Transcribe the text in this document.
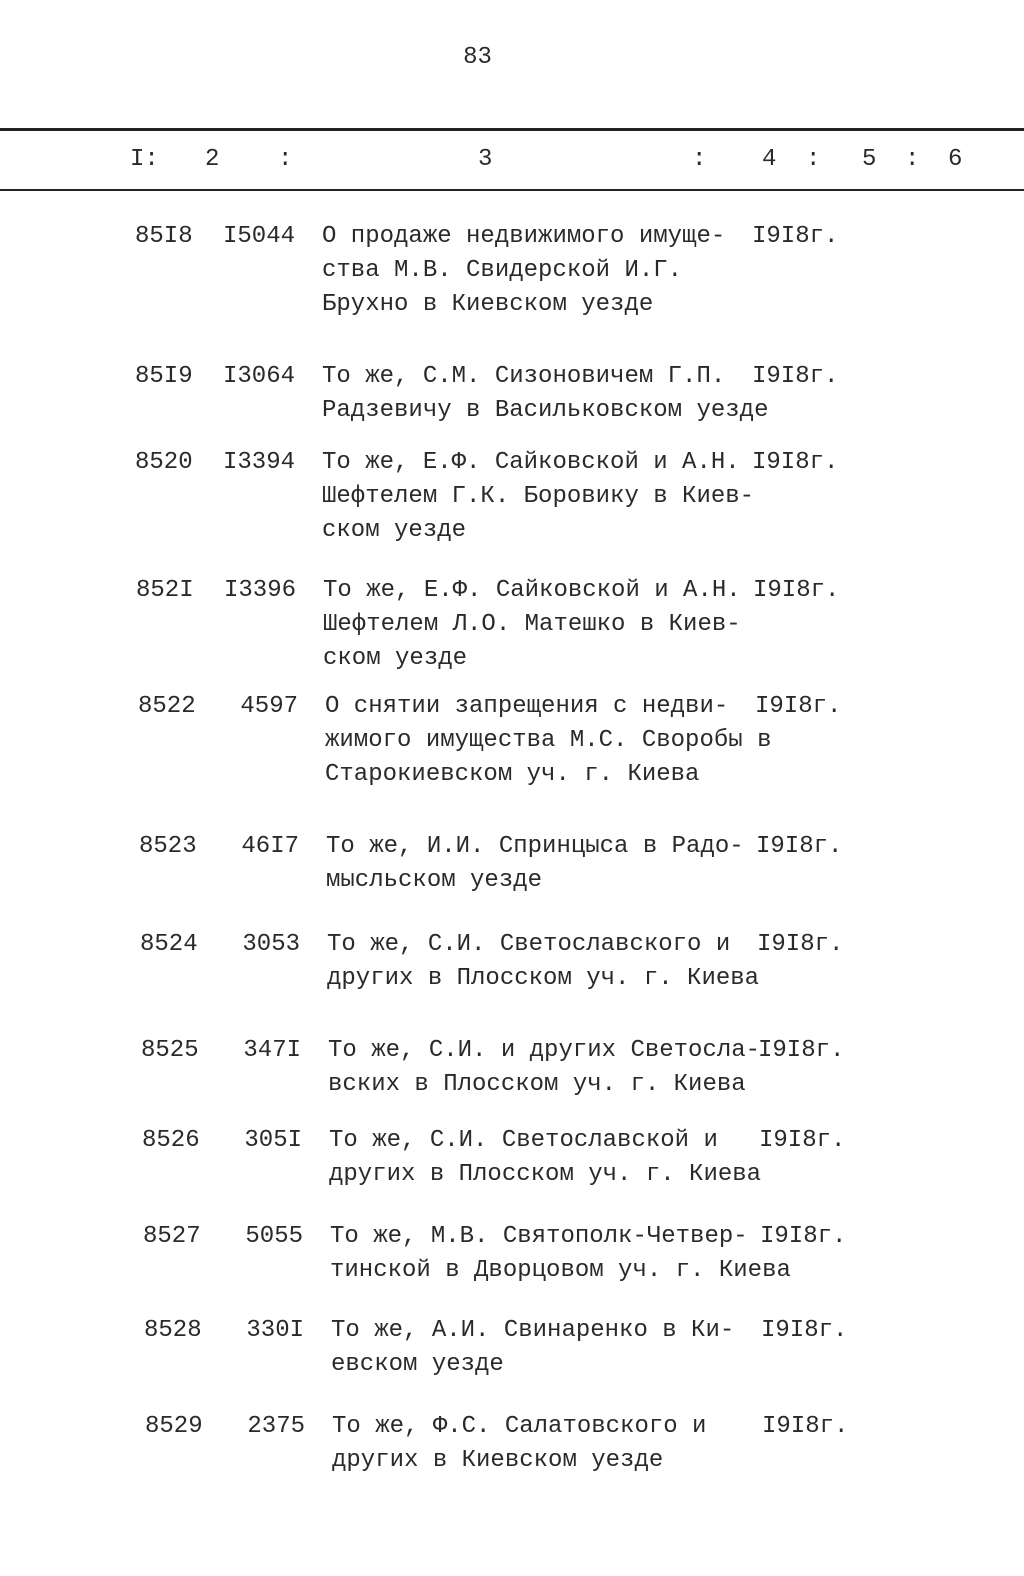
83
I: 2 :	3	: 4 : 5 : 6
85I8	I5044 О продаже недвижимого имуще-
ства М.В. Свидерской И.Г.
Брухно в Киевском уезде
I9I8г.
85I9	I3064 То же, С.М. Сизоновичем Г.П.
Радзевичу в Васильковском уезде
I9I8г.
8520	I3394 То же, Е.Ф. Сайковской и А.Н.
Шефтелем Г.К. Боровику в Киев-
ском уезде
I9I8г.
852I	I3396 То же, Е.Ф. Сайковской и А.Н.
Шефтелем Л.О. Матешко в Киев-
ском уезде
I9I8г.
8522	4597 О снятии запрещения с недви-
жимого имущества М.С. Своробы в
Старокиевском уч. г. Киева
I9I8г.
8523	46I7 То же, И.И. Спринцыса в Радо-
мысльском уезде
I9I8г.
8524	3053 То же, С.И. Светославского и
других в Плосском уч. г. Киева
I9I8г.
8525	347I То же, С.И. и других Светосла-
вских в Плосском уч. г. Киева
I9I8г.
8526	305I То же, С.И. Светославской и
других в Плосском уч. г. Киева
I9I8г.
8527	5055 То же, М.В. Святополк-Четвер-
тинской в Дворцовом уч. г. Киева
I9I8г.
8528	330I То же, А.И. Свинаренко в Ки-
евском уезде
I9I8г.
8529	2375 То же, Ф.С. Салатовского и
других в Киевском уезде
I9I8г.
